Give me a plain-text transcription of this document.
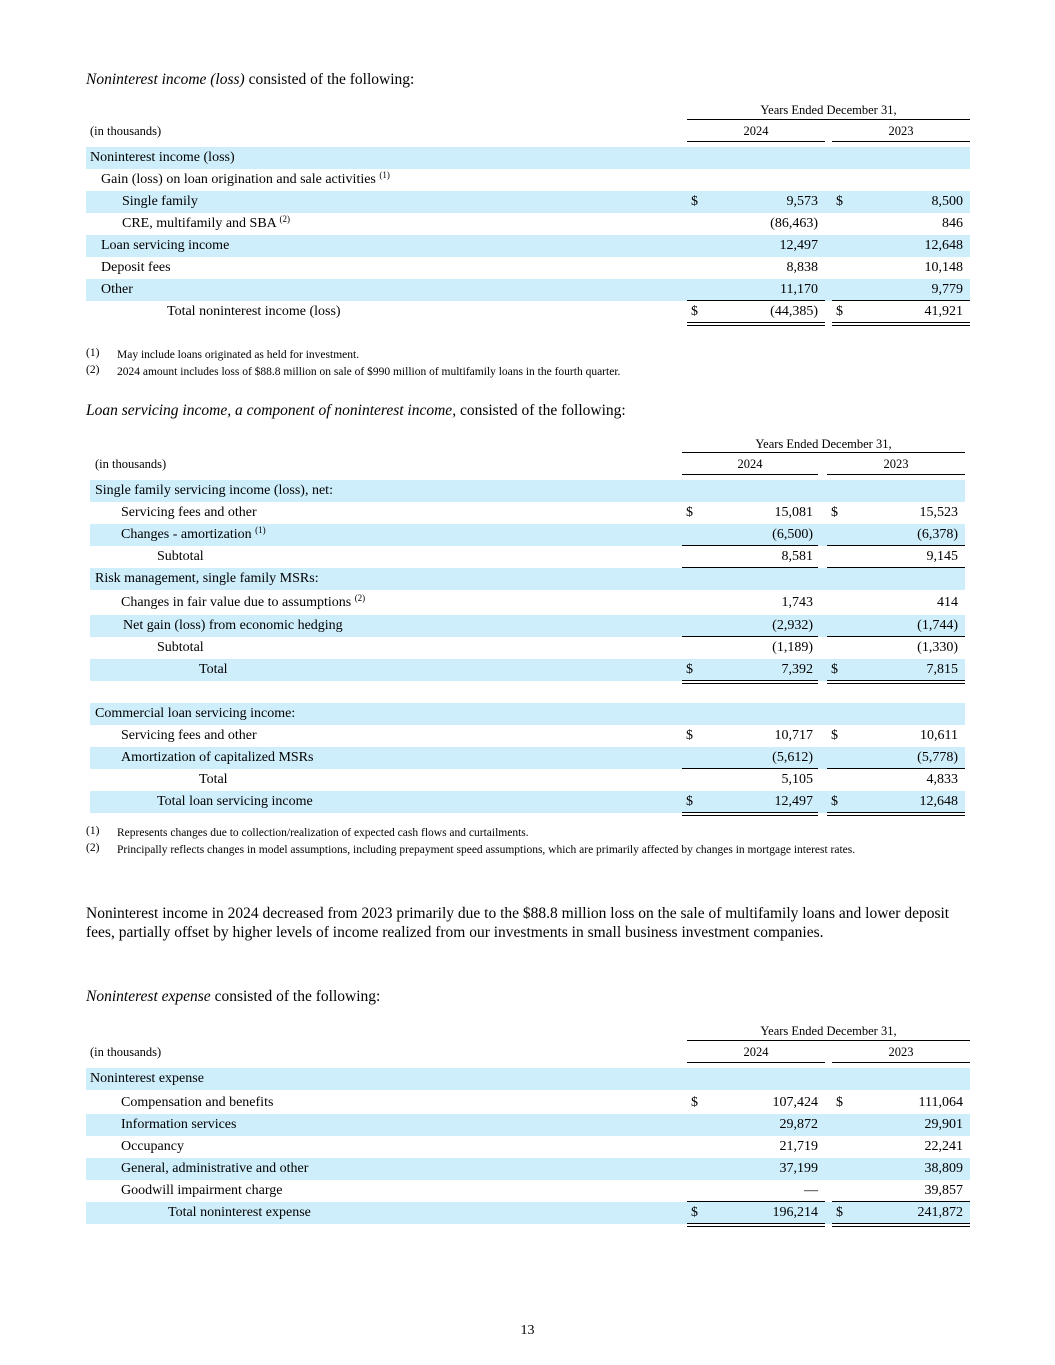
Noninterest income (loss) consisted of the following:
Years Ended December 31,
(in thousands)	2024	2023
Noninterest income (loss)
Gain (loss) on loan origination and sale activities $^{(1)}$
Single family	$	9,573 $	8,500
CRE, multifamily and SBA $^{(2)}$	(86,463)	846
Loan servicing income	12,497	12,648
Deposit fees	8,838	10,148
Other	11,170	9,779
Total noninterest income (loss)	$	(44,385) $	41,921
(1) May include loans originated as held for investment.
(2) 2024 amount includes loss of $88.8 million on sale of $990 million of multifamily loans in the fourth quarter.
Loan servicing income, a component of noninterest income, consisted of the following:
Years Ended December 31,
(in thousands)	2024	2023
Single family servicing income (loss), net:
Servicing fees and other	$	15,081 $	15,523
Changes - amortization $^{(1)}$	(6,500)	(6,378)
Subtotal	8,581	9,145
Risk management, single family MSRs:
Changes in fair value due to assumptions $^{(2)}$	1,743	414
Net gain (loss) from economic hedging	(2,932)	(1,744)
Subtotal	(1,189)	(1,330)
Total	$	7,392 $	7,815
Commercial loan servicing income:
Servicing fees and other	$	10,717 $	10,611
Amortization of capitalized MSRs	(5,612)	(5,778)
Total	5,105	4,833
Total loan servicing income	$	12,497 $	12,648
(1) Represents changes due to collection/realization of expected cash flows and curtailments.
(2) Principally reflects changes in model assumptions, including prepayment speed assumptions, which are primarily affected by changes in mortgage interest rates.
Noninterest income in 2024 decreased from 2023 primarily due to the $88.8 million loss on the sale of multifamily loans and lower deposit fees, partially offset by higher levels of income realized from our investments in small business investment companies.
Noninterest expense consisted of the following:
Years Ended December 31,
(in thousands)	2024	2023
Noninterest expense
Compensation and benefits	$	107,424 $	111,064
Information services	29,872	29,901
Occupancy	21,719	22,241
General, administrative and other	37,199	38,809
Goodwill impairment charge	—	39,857
Total noninterest expense	$	196,214 $	241,872
13
